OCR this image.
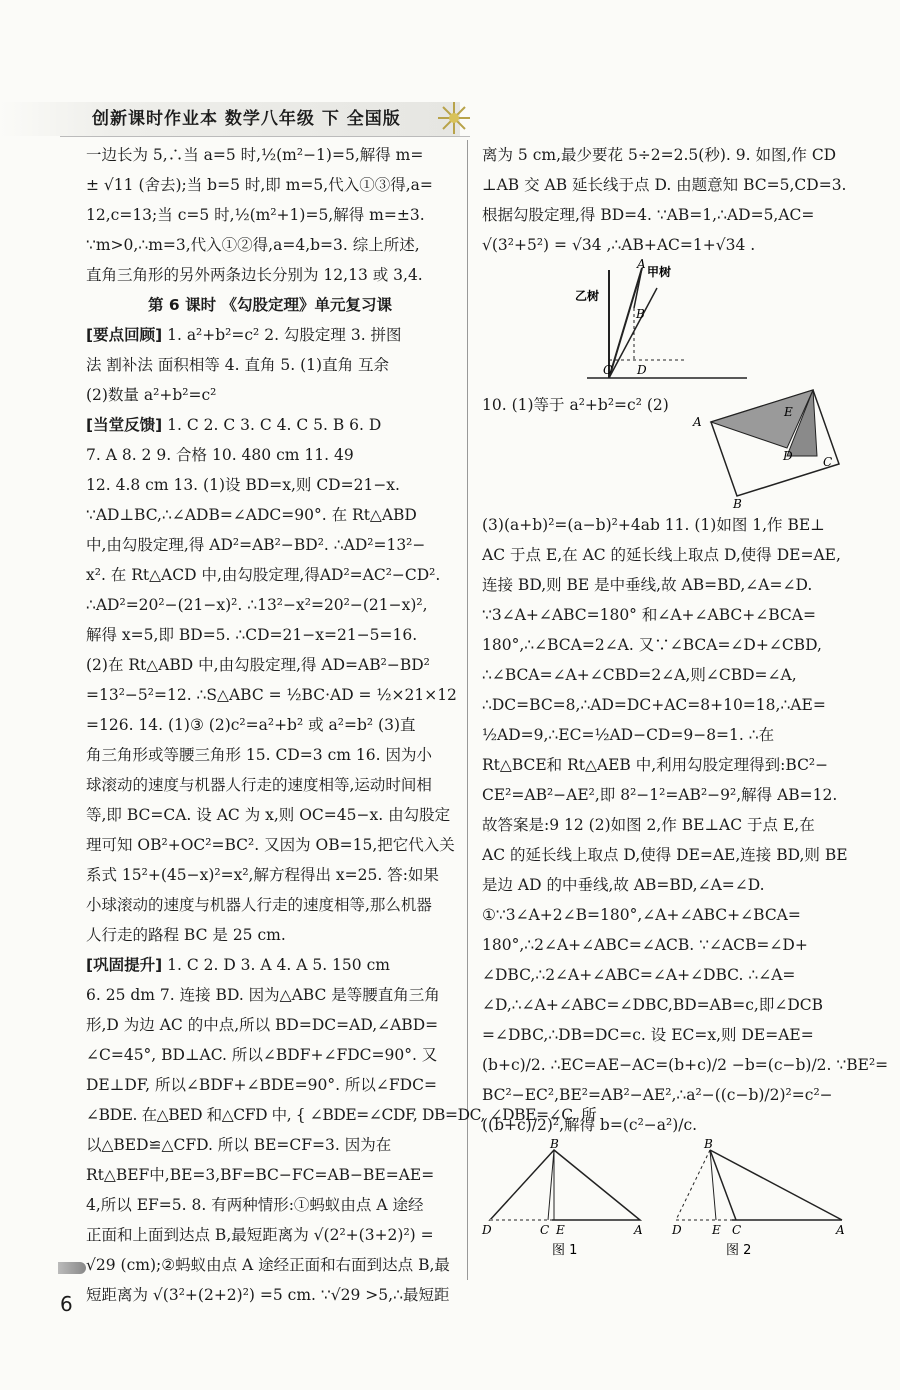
创新课时作业本 数学八年级 下 全国版
一边长为 5,∴当 a=5 时,½(m²−1)=5,解得 m=
± √11 (舍去);当 b=5 时,即 m=5,代入①③得,a=
12,c=13;当 c=5 时,½(m²+1)=5,解得 m=±3.
∵m>0,∴m=3,代入①②得,a=4,b=3. 综上所述,
直角三角形的另外两条边长分别为 12,13 或 3,4.
第 6 课时 《勾股定理》单元复习课
[要点回顾] 1. a²+b²=c² 2. 勾股定理 3. 拼图
法 割补法 面积相等 4. 直角 5. (1)直角 互余
(2)数量 a²+b²=c²
[当堂反馈] 1. C 2. C 3. C 4. C 5. B 6. D
7. A 8. 2 9. 合格 10. 480 cm 11. 49
12. 4.8 cm 13. (1)设 BD=x,则 CD=21−x.
∵AD⊥BC,∴∠ADB=∠ADC=90°. 在 Rt△ABD
中,由勾股定理,得 AD²=AB²−BD². ∴AD²=13²−
x². 在 Rt△ACD 中,由勾股定理,得AD²=AC²−CD².
∴AD²=20²−(21−x)². ∴13²−x²=20²−(21−x)²,
解得 x=5,即 BD=5. ∴CD=21−x=21−5=16.
(2)在 Rt△ABD 中,由勾股定理,得 AD=AB²−BD²
=13²−5²=12. ∴S△ABC = ½BC·AD = ½×21×12
=126. 14. (1)③ (2)c²=a²+b² 或 a²=b² (3)直
角三角形或等腰三角形 15. CD=3 cm 16. 因为小
球滚动的速度与机器人行走的速度相等,运动时间相
等,即 BC=CA. 设 AC 为 x,则 OC=45−x. 由勾股定
理可知 OB²+OC²=BC². 又因为 OB=15,把它代入关
系式 15²+(45−x)²=x²,解方程得出 x=25. 答:如果
小球滚动的速度与机器人行走的速度相等,那么机器
人行走的路程 BC 是 25 cm.
[巩固提升] 1. C 2. D 3. A 4. A 5. 150 cm
6. 25 dm 7. 连接 BD. 因为△ABC 是等腰直角三角
形,D 为边 AC 的中点,所以 BD=DC=AD,∠ABD=
∠C=45°, BD⊥AC. 所以∠BDF+∠FDC=90°. 又
DE⊥DF, 所以∠BDF+∠BDE=90°. 所以∠FDC=
∠BDE. 在△BED 和△CFD 中, { ∠BDE=∠CDF, DB=DC, ∠DBE=∠C, 所
以△BED≌△CFD. 所以 BE=CF=3. 因为在
Rt△BEF中,BE=3,BF=BC−FC=AB−BE=AE=
4,所以 EF=5. 8. 有两种情形:①蚂蚁由点 A 途经
正面和上面到达点 B,最短距离为 √(2²+(3+2)²) =
√29 (cm);②蚂蚁由点 A 途经正面和右面到达点 B,最
短距离为 √(3²+(2+2)²) =5 cm. ∵√29 >5,∴最短距
离为 5 cm,最少要花 5÷2=2.5(秒). 9. 如图,作 CD
⊥AB 交 AB 延长线于点 D. 由题意知 BC=5,CD=3.
根据勾股定理,得 BD=4. ∵AB=1,∴AD=5,AC=
√(3²+5²) = √34 ,∴AB+AC=1+√34 .
A
B
C D
甲树
乙树
10. (1)等于 a²+b²=c² (2)
A
E
D	C
B
(3)(a+b)²=(a−b)²+4ab 11. (1)如图 1,作 BE⊥
AC 于点 E,在 AC 的延长线上取点 D,使得 DE=AE,
连接 BD,则 BE 是中垂线,故 AB=BD,∠A=∠D.
∵3∠A+∠ABC=180° 和∠A+∠ABC+∠BCA=
180°,∴∠BCA=2∠A. 又∵∠BCA=∠D+∠CBD,
∴∠BCA=∠A+∠CBD=2∠A,则∠CBD=∠A,
∴DC=BC=8,∴AD=DC+AC=8+10=18,∴AE=
½AD=9,∴EC=½AD−CD=9−8=1. ∴在
Rt△BCE和 Rt△AEB 中,利用勾股定理得到:BC²−
CE²=AB²−AE²,即 8²−1²=AB²−9²,解得 AB=12.
故答案是:9 12 (2)如图 2,作 BE⊥AC 于点 E,在
AC 的延长线上取点 D,使得 DE=AE,连接 BD,则 BE
是边 AD 的中垂线,故 AB=BD,∠A=∠D.
①∵3∠A+2∠B=180°,∠A+∠ABC+∠BCA=
180°,∴2∠A+∠ABC=∠ACB. ∵∠ACB=∠D+
∠DBC,∴2∠A+∠ABC=∠A+∠DBC. ∴∠A=
∠D,∴∠A+∠ABC=∠DBC,BD=AB=c,即∠DCB
=∠DBC,∴DB=DC=c. 设 EC=x,则 DE=AE=
(b+c)/2. ∴EC=AE−AC=(b+c)/2 −b=(c−b)/2. ∵BE²=
BC²−EC²,BE²=AB²−AE²,∴a²−((c−b)/2)²=c²−
((b+c)/2)²,解得 b=(c²−a²)/c.
B
D	C E	A
图 1
B
D	E C	A
图 2
6
